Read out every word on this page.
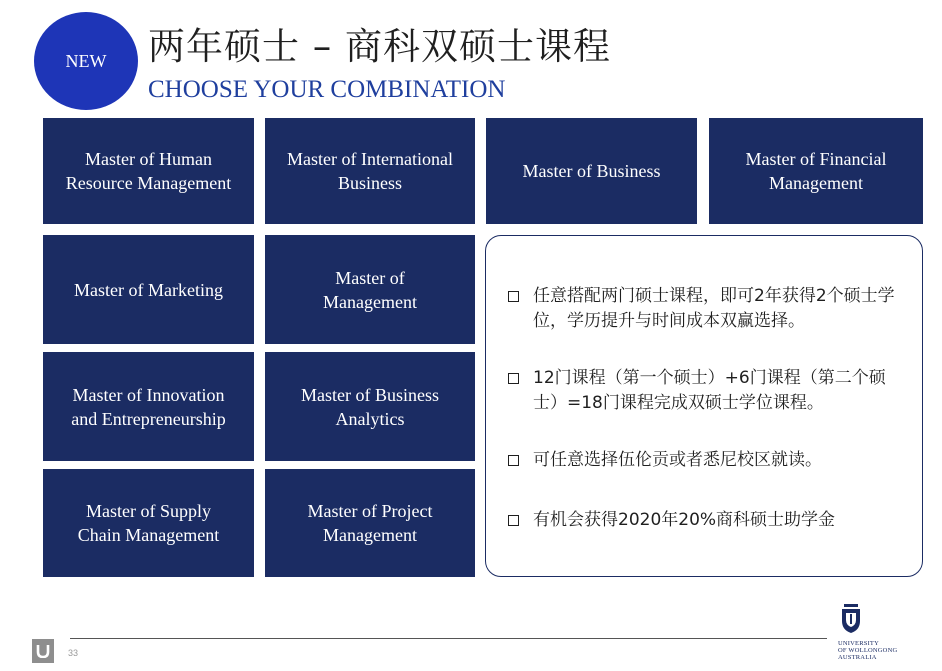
NEW 两年硕士 – 商科双硕士课程
CHOOSE YOUR COMBINATION
Master of Human
Resource Management
Master of International
Business
Master of Business
Master of Financial
Management
Master of Marketing
Master of
Management
Master of Innovation
and Entrepreneurship
Master of Business
Analytics
Master of Supply
Chain Management
Master of Project
Management
任意搭配两门硕士课程，即可2年获得2个硕士学位，学历提升与时间成本双赢选择。
12门课程（第一个硕士）+6门课程（第二个硕士）=18门课程完成双硕士学位课程。
可任意选择伍伦贡或者悉尼校区就读。
有机会获得2020年20%商科硕士助学金
33
UNIVERSITY
OF WOLLONGONG
AUSTRALIA
